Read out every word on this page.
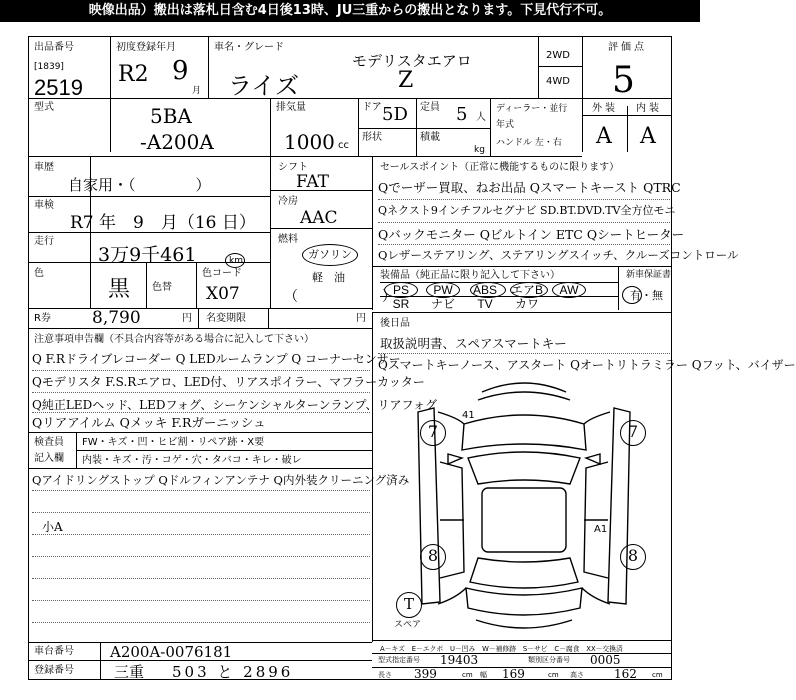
映像出品）搬出は落札日含む4日後13時、JU三重からの搬出となります。下見代行不可。
出品番号
[1839]
2519
初度登録年月
R2 9
月
車名・グレード
モデリスタエアロ
ライズ	Z
2WD
4WD
評価点
5
外装 内装
A A
型式	5BA
-A200A
排気量
1000 cc
ドア 5D 定員 5 人
形状	積載
kg
ディーラー・並行
年式
ハンドル 左・右
車歴
自家用・（　　　　）
車検
R7 年　9　月（16 日）
走行
3万9千461	km
色
黒 色替
色コード
X07
シフト
FAT
冷房
AAC
燃料
ガソリン
軽　油
（　　　　　　）
R券 8,790	円 名変期限	円
セールスポイント（正常に機能するものに限ります）
Qでーザー買取、ねお出品 Qスマートキースト QTRC
Qネクスト9インチフルセグナビ SD.BT.DVD.TV全方位モニ
Qバックモニター Qビルトイン ETC Qシートヒーター
Qレザーステアリング、ステアリングスイッチ、クルーズコントロール
装備品（純正品に限り記入して下さい）	新車保証書
PS PW ABS エアB AW
SR ナビ TV カワ
有・無
後日品
取扱説明書、スペアスマートキー
Qスマートキーノース、アスタート Qオートリトラミラー Qフット、バイザー
注意事項申告欄（不具合内容等がある場合に記入して下さい）
Q F.Rドライブレコーダー Q LEDルームランプ Q コーナーセンサー
Qモデリスタ F.S.Rエアロ、LED付、リアスポイラー、マフラーカッター
Q純正LEDヘッド、LEDフォグ、シーケンシャルターンランプ、リアフォグ
Qリアアイルム Qメッキ F.Rガーニッシュ
検査員
記入欄
FW・キズ・凹・ヒビ割・リペア跡・X要
内装・キズ・汚・コゲ・穴・タバコ・キレ・破レ
Qアイドリングストップ Qドルフィンアンテナ Q内外装クリーニング済み
小A
41
A1
7	7
8	8
T
スペア
A－キズ　E－エクボ　U－凹み　W－補修跡　S－サビ　C－腐食　XX－交換済
車台番号 A200A-0076181
登録番号	三重 503 と 2896
型式指定番号 19403	類別区分番号 0005
長さ 399	cm 幅 169	cm 高さ	162 cm
